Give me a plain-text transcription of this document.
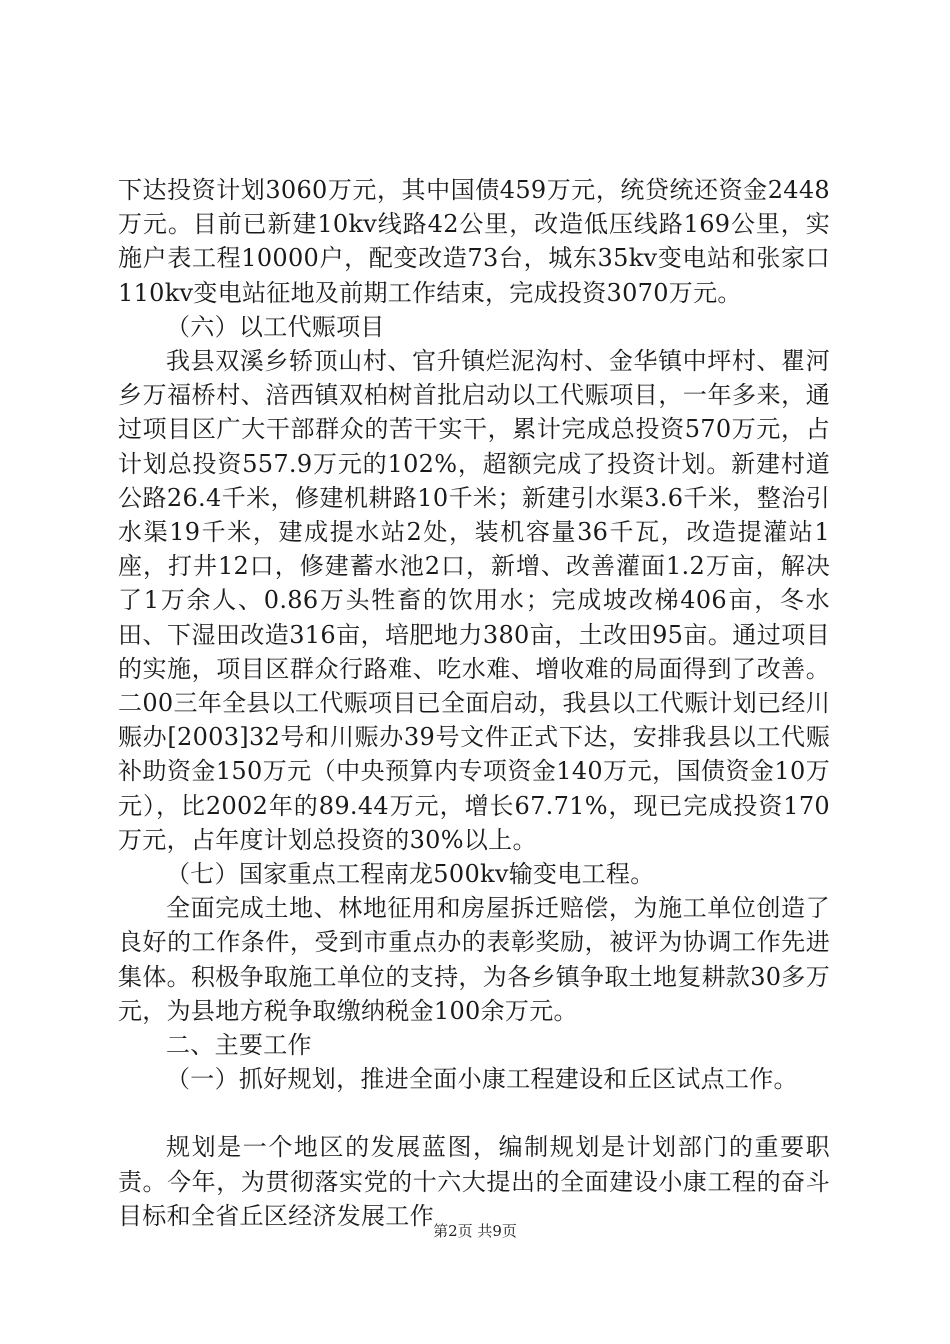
下达投资计划3060万元，其中国债459万元，统贷统还资金2448万元。目前已新建10kv线路42公里，改造低压线路169公里，实施户表工程10000户，配变改造73台，城东35kv变电站和张家口110kv变电站征地及前期工作结束，完成投资3070万元。

（六）以工代赈项目

我县双溪乡轿顶山村、官升镇烂泥沟村、金华镇中坪村、瞿河乡万福桥村、涪西镇双柏树首批启动以工代赈项目，一年多来，通过项目区广大干部群众的苦干实干，累计完成总投资570万元，占计划总投资557.9万元的102%，超额完成了投资计划。新建村道公路26.4千米，修建机耕路10千米；新建引水渠3.6千米，整治引水渠19千米，建成提水站2处，装机容量36千瓦，改造提灌站1座，打井12口，修建蓄水池2口，新增、改善灌面1.2万亩，解决了1万余人、0.86万头牲畜的饮用水；完成坡改梯406亩，冬水田、下湿田改造316亩，培肥地力380亩，土改田95亩。通过项目的实施，项目区群众行路难、吃水难、增收难的局面得到了改善。二00三年全县以工代赈项目已全面启动，我县以工代赈计划已经川赈办[2003]32号和川赈办39号文件正式下达，安排我县以工代赈补助资金150万元（中央预算内专项资金140万元，国债资金10万元），比2002年的89.44万元，增长67.71%，现已完成投资170万元，占年度计划总投资的30%以上。

（七）国家重点工程南龙500kv输变电工程。

全面完成土地、林地征用和房屋拆迁赔偿，为施工单位创造了良好的工作条件，受到市重点办的表彰奖励，被评为协调工作先进集体。积极争取施工单位的支持，为各乡镇争取土地复耕款30多万元，为县地方税争取缴纳税金100余万元。

二、主要工作

（一）抓好规划，推进全面小康工程建设和丘区试点工作。

规划是一个地区的发展蓝图，编制规划是计划部门的重要职责。今年，为贯彻落实党的十六大提出的全面建设小康工程的奋斗目标和全省丘区经济发展工作

第2页 共9页
